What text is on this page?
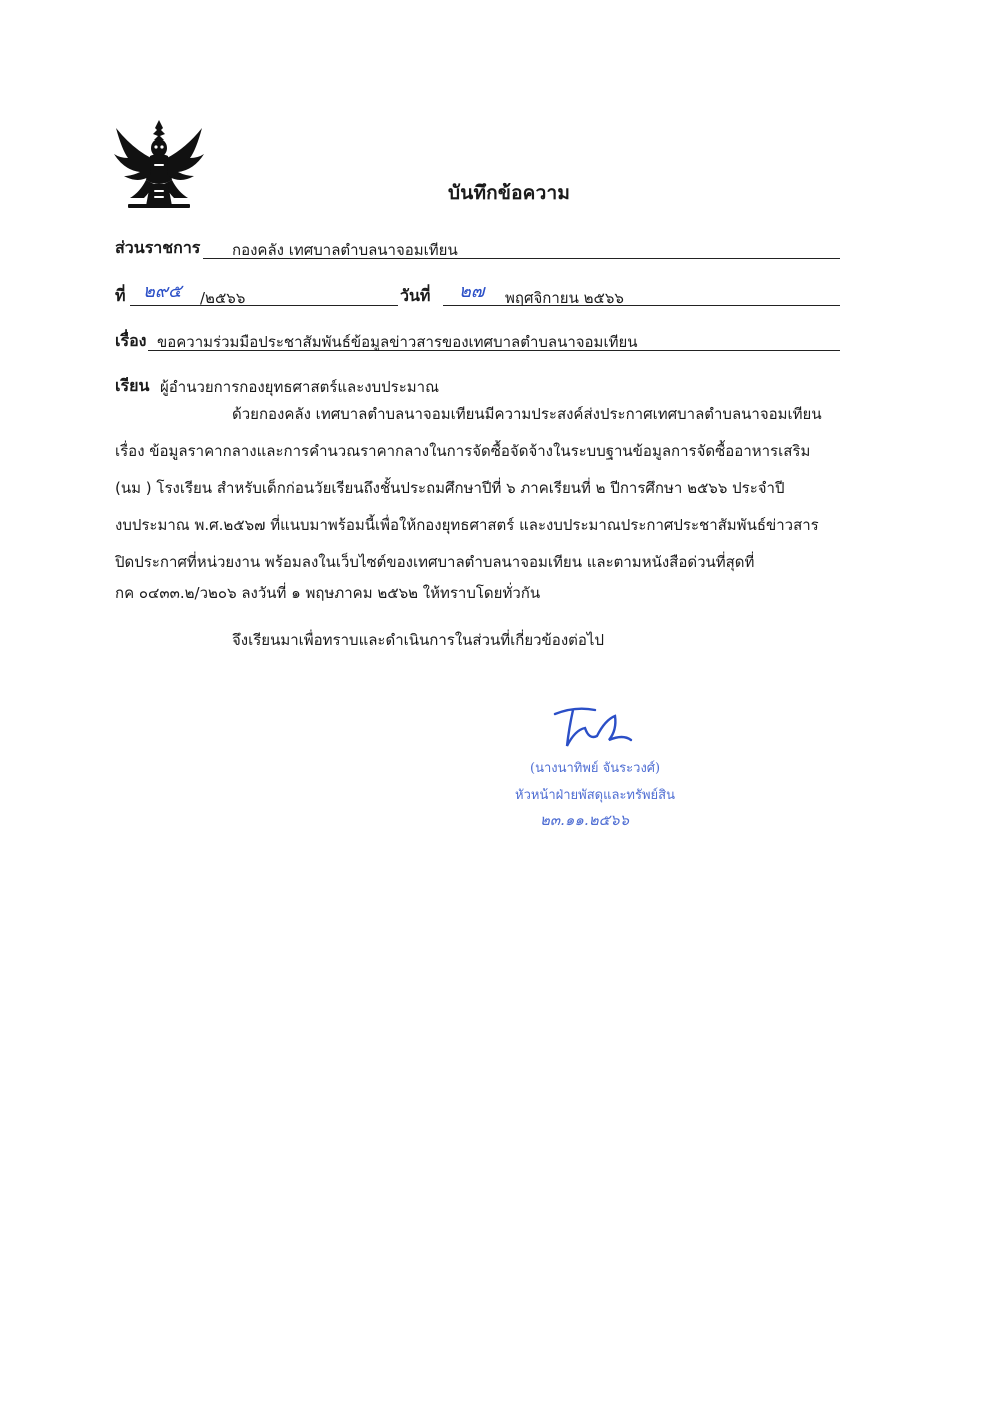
บันทึกข้อความ
ส่วนราชการ กองคลัง เทศบาลตำบลนาจอมเทียน
ที่ ๒๙๕ /๒๕๖๖	วันที่ ๒๗ พฤศจิกายน ๒๕๖๖
เรื่อง ขอความร่วมมือประชาสัมพันธ์ข้อมูลข่าวสารของเทศบาลตำบลนาจอมเทียน
เรียน ผู้อำนวยการกองยุทธศาสตร์และงบประมาณ
ด้วยกองคลัง เทศบาลตำบลนาจอมเทียนมีความประสงค์ส่งประกาศเทศบาลตำบลนาจอมเทียน
เรื่อง ข้อมูลราคากลางและการคำนวณราคากลางในการจัดซื้อจัดจ้างในระบบฐานข้อมูลการจัดซื้ออาหารเสริม
(นม ) โรงเรียน สำหรับเด็กก่อนวัยเรียนถึงชั้นประถมศึกษาปีที่ ๖ ภาคเรียนที่ ๒ ปีการศึกษา ๒๕๖๖ ประจำปี
งบประมาณ พ.ศ.๒๕๖๗ ที่แนบมาพร้อมนี้เพื่อให้กองยุทธศาสตร์ และงบประมาณประกาศประชาสัมพันธ์ข่าวสาร
ปิดประกาศที่หน่วยงาน พร้อมลงในเว็บไซต์ของเทศบาลตำบลนาจอมเทียน และตามหนังสือด่วนที่สุดที่
กค ๐๔๓๓.๒/ว๒๐๖ ลงวันที่ ๑ พฤษภาคม ๒๕๖๒ ให้ทราบโดยทั่วกัน
จึงเรียนมาเพื่อทราบและดำเนินการในส่วนที่เกี่ยวข้องต่อไป
(นางนาทิพย์ จันระวงศ์)
หัวหน้าฝ่ายพัสดุและทรัพย์สิน
๒๓.๑๑.๒๕๖๖
